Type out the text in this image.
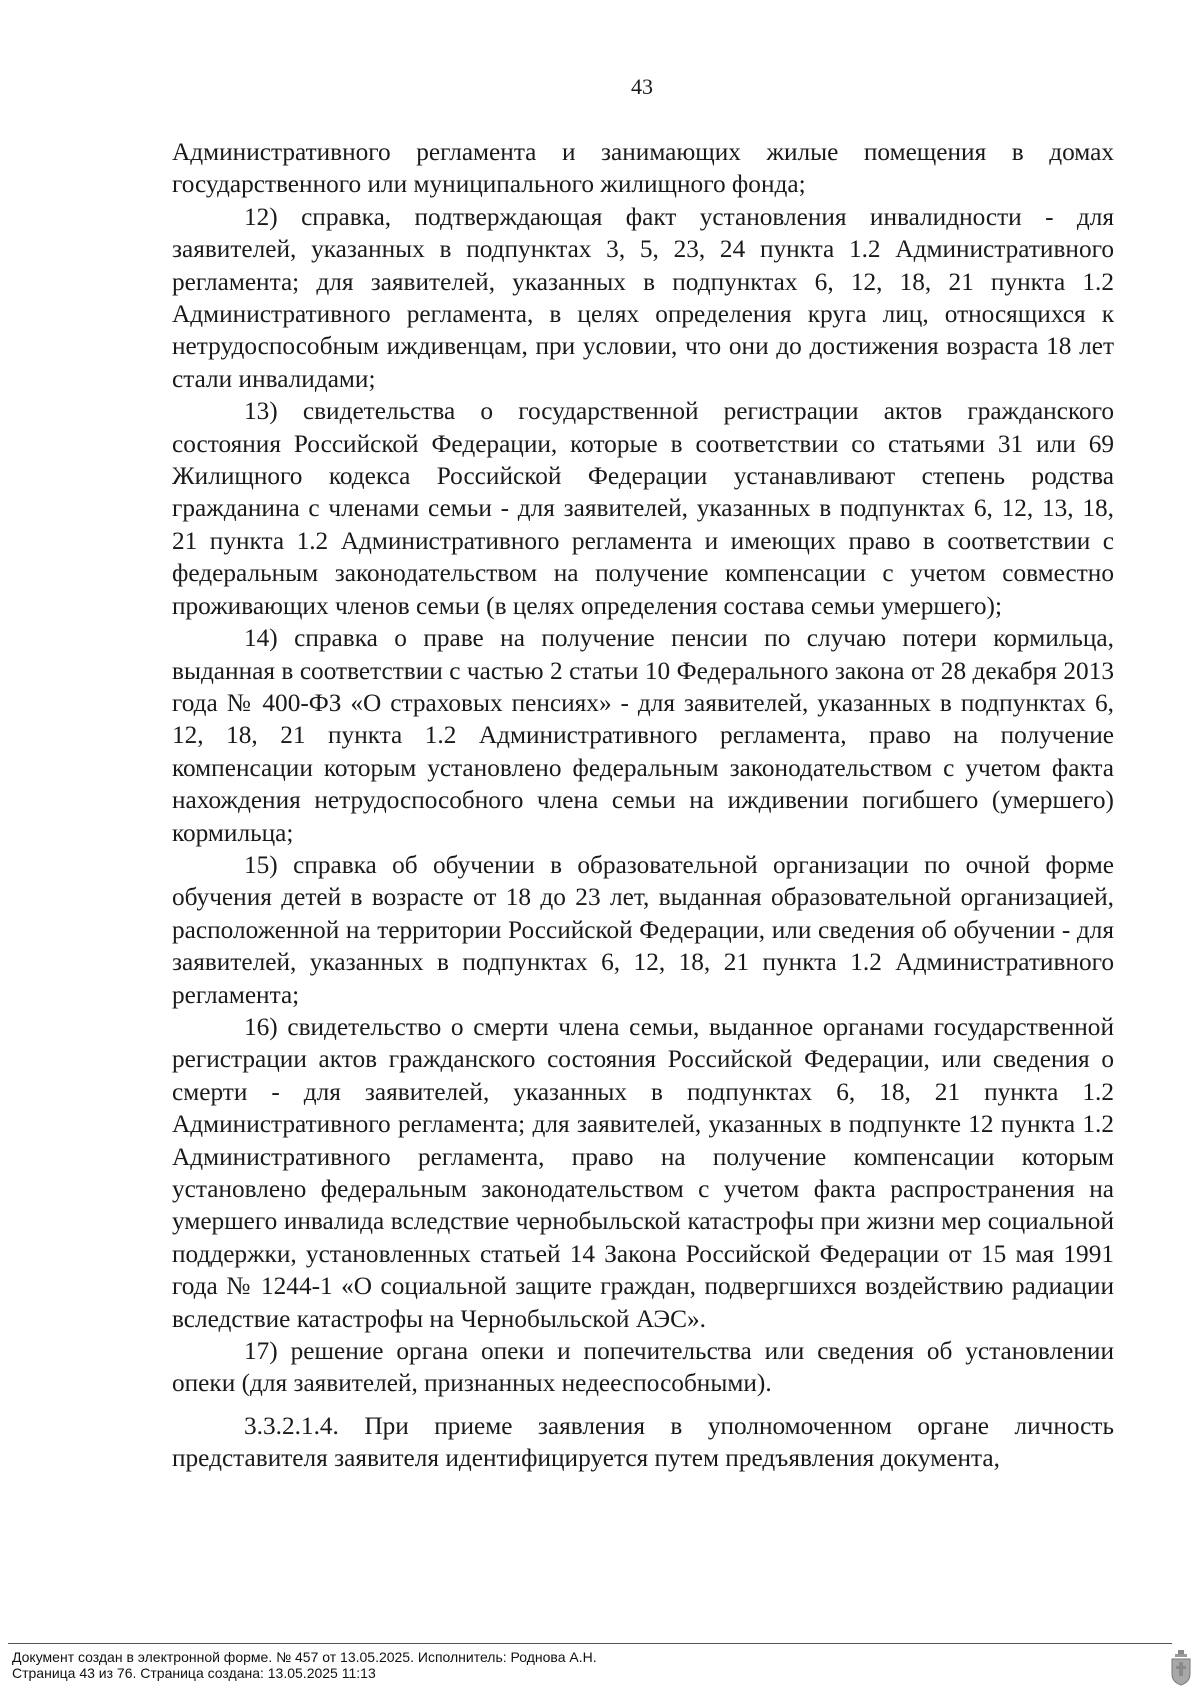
43

Административного регламента и занимающих жилые помещения в домах государственного или муниципального жилищного фонда;

12) справка, подтверждающая факт установления инвалидности - для заявителей, указанных в подпунктах 3, 5, 23, 24 пункта 1.2 Административного регламента; для заявителей, указанных в подпунктах 6, 12, 18, 21 пункта 1.2 Административного регламента, в целях определения круга лиц, относящихся к нетрудоспособным иждивенцам, при условии, что они до достижения возраста 18 лет стали инвалидами;

13) свидетельства о государственной регистрации актов гражданского состояния Российской Федерации, которые в соответствии со статьями 31 или 69 Жилищного кодекса Российской Федерации устанавливают степень родства гражданина с членами семьи - для заявителей, указанных в подпунктах 6, 12, 13, 18, 21 пункта 1.2 Административного регламента и имеющих право в соответствии с федеральным законодательством на получение компенсации с учетом совместно проживающих членов семьи (в целях определения состава семьи умершего);

14) справка о праве на получение пенсии по случаю потери кормильца, выданная в соответствии с частью 2 статьи 10 Федерального закона от 28 декабря 2013 года № 400-ФЗ «О страховых пенсиях» - для заявителей, указанных в подпунктах 6, 12, 18, 21 пункта 1.2 Административного регламента, право на получение компенсации которым установлено федеральным законодательством с учетом факта нахождения нетрудоспособного члена семьи на иждивении погибшего (умершего) кормильца;

15) справка об обучении в образовательной организации по очной форме обучения детей в возрасте от 18 до 23 лет, выданная образовательной организацией, расположенной на территории Российской Федерации, или сведения об обучении - для заявителей, указанных в подпунктах 6, 12, 18, 21 пункта 1.2 Административного регламента;

16) свидетельство о смерти члена семьи, выданное органами государственной регистрации актов гражданского состояния Российской Федерации, или сведения о смерти - для заявителей, указанных в подпунктах 6, 18, 21 пункта 1.2 Административного регламента; для заявителей, указанных в подпункте 12 пункта 1.2 Административного регламента, право на получение компенсации которым установлено федеральным законодательством с учетом факта распространения на умершего инвалида вследствие чернобыльской катастрофы при жизни мер социальной поддержки, установленных статьей 14 Закона Российской Федерации от 15 мая 1991 года № 1244-1 «О социальной защите граждан, подвергшихся воздействию радиации вследствие катастрофы на Чернобыльской АЭС».

17) решение органа опеки и попечительства или сведения об установлении опеки (для заявителей, признанных недееспособными).

3.3.2.1.4. При приеме заявления в уполномоченном органе личность представителя заявителя идентифицируется путем предъявления документа,

Документ создан в электронной форме. № 457 от 13.05.2025. Исполнитель: Роднова А.Н.
Страница 43 из 76. Страница создана: 13.05.2025 11:13
